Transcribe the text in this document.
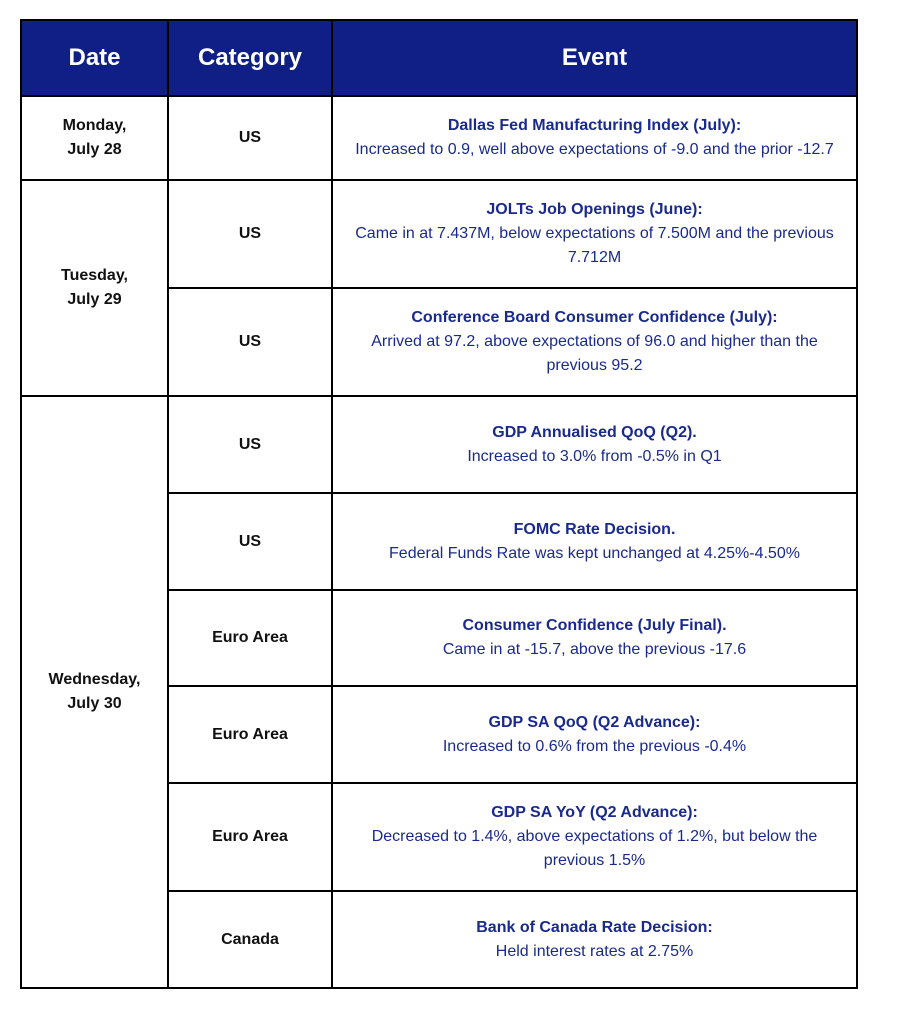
Date	Category	Event
Monday,
July 28	US	Dallas Fed Manufacturing Index (July):
Increased to 0.9, well above expectations of -9.0 and the prior -12.7

Tuesday,
July 29	US	JOLTs Job Openings (June):
Came in at 7.437M, below expectations of 7.500M and the previous 7.712M

	US	Conference Board Consumer Confidence (July):
Arrived at 97.2, above expectations of 96.0 and higher than the previous 95.2

Wednesday,
July 30	US	GDP Annualised QoQ (Q2).
Increased to 3.0% from -0.5% in Q1

	US	FOMC Rate Decision.
Federal Funds Rate was kept unchanged at 4.25%-4.50%

	Euro Area	Consumer Confidence (July Final).
Came in at -15.7, above the previous -17.6

	Euro Area	GDP SA QoQ (Q2 Advance):
Increased to 0.6% from the previous -0.4%

	Euro Area	GDP SA YoY (Q2 Advance):
Decreased to 1.4%, above expectations of 1.2%, but below the previous 1.5%

	Canada	Bank of Canada Rate Decision:
Held interest rates at 2.75%
